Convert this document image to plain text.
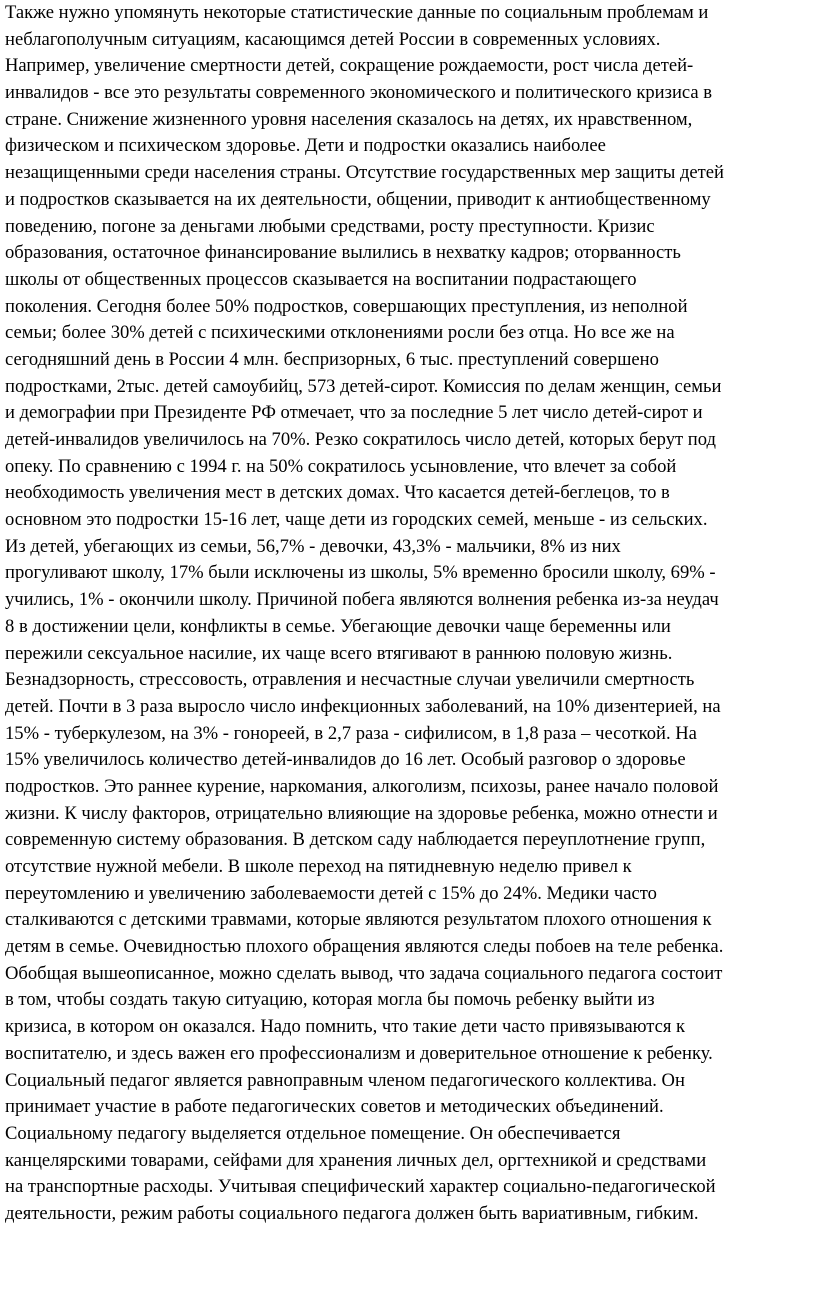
Также нужно упомянуть некоторые статистические данные по социальным проблемам и

неблагополучным ситуациям, касающимся детей России в современных условиях.

Например, увеличение смертности детей, сокращение рождаемости, рост числа детей-

инвалидов - все это результаты современного экономического и политического кризиса в

стране. Снижение жизненного уровня населения сказалось на детях, их нравственном,

физическом и психическом здоровье. Дети и подростки оказались наиболее

незащищенными среди населения страны. Отсутствие государственных мер защиты детей

и подростков сказывается на их деятельности, общении, приводит к антиобщественному

поведению, погоне за деньгами любыми средствами, росту преступности. Кризис

образования, остаточное финансирование вылились в нехватку кадров; оторванность

школы от общественных процессов сказывается на воспитании подрастающего

поколения. Сегодня более 50% подростков, совершающих преступления, из неполной

семьи; более 30% детей с психическими отклонениями росли без отца. Но все же на

сегодняшний день в России 4 млн. беспризорных, 6 тыс. преступлений совершено

подростками, 2тыс. детей самоубийц, 573 детей-сирот. Комиссия по делам женщин, семьи

и демографии при Президенте РФ отмечает, что за последние 5 лет число детей-сирот и

детей-инвалидов увеличилось на 70%. Резко сократилось число детей, которых берут под

опеку. По сравнению с 1994 г. на 50% сократилось усыновление, что влечет за собой

необходимость увеличения мест в детских домах. Что касается детей-беглецов, то в

основном это подростки 15-16 лет, чаще дети из городских семей, меньше - из сельских.

Из детей, убегающих из семьи, 56,7% - девочки, 43,3% - мальчики, 8% из них

прогуливают школу, 17% были исключены из школы, 5% временно бросили школу, 69% -

учились, 1% - окончили школу. Причиной побега являются волнения ребенка из-за неудач

8 в достижении цели, конфликты в семье. Убегающие девочки чаще беременны или

пережили сексуальное насилие, их чаще всего втягивают в раннюю половую жизнь.

Безнадзорность, стрессовость, отравления и несчастные случаи увеличили смертность

детей. Почти в 3 раза выросло число инфекционных заболеваний, на 10% дизентерией, на

15% - туберкулезом, на 3% - гонореей, в 2,7 раза - сифилисом, в 1,8 раза – чесоткой. На

15% увеличилось количество детей-инвалидов до 16 лет. Особый разговор о здоровье

подростков. Это раннее курение, наркомания, алкоголизм, психозы, ранее начало половой

жизни. К числу факторов, отрицательно влияющие на здоровье ребенка, можно отнести и

современную систему образования. В детском саду наблюдается переуплотнение групп,

отсутствие нужной мебели. В школе переход на пятидневную неделю привел к

переутомлению и увеличению заболеваемости детей с 15% до 24%. Медики часто

сталкиваются с детскими травмами, которые являются результатом плохого отношения к

детям в семье. Очевидностью плохого обращения являются следы побоев на теле ребенка.

Обобщая вышеописанное, можно сделать вывод, что задача социального педагога состоит

в том, чтобы создать такую ситуацию, которая могла бы помочь ребенку выйти из

кризиса, в котором он оказался. Надо помнить, что такие дети часто привязываются к

воспитателю, и здесь важен его профессионализм и доверительное отношение к ребенку.

Социальный педагог является равноправным членом педагогического коллектива. Он

принимает участие в работе педагогических советов и методических объединений.

Социальному педагогу выделяется отдельное помещение. Он обеспечивается

канцелярскими товарами, сейфами для хранения личных дел, оргтехникой и средствами

на транспортные расходы. Учитывая специфический характер социально-педагогической

деятельности, режим работы социального педагога должен быть вариативным, гибким.
